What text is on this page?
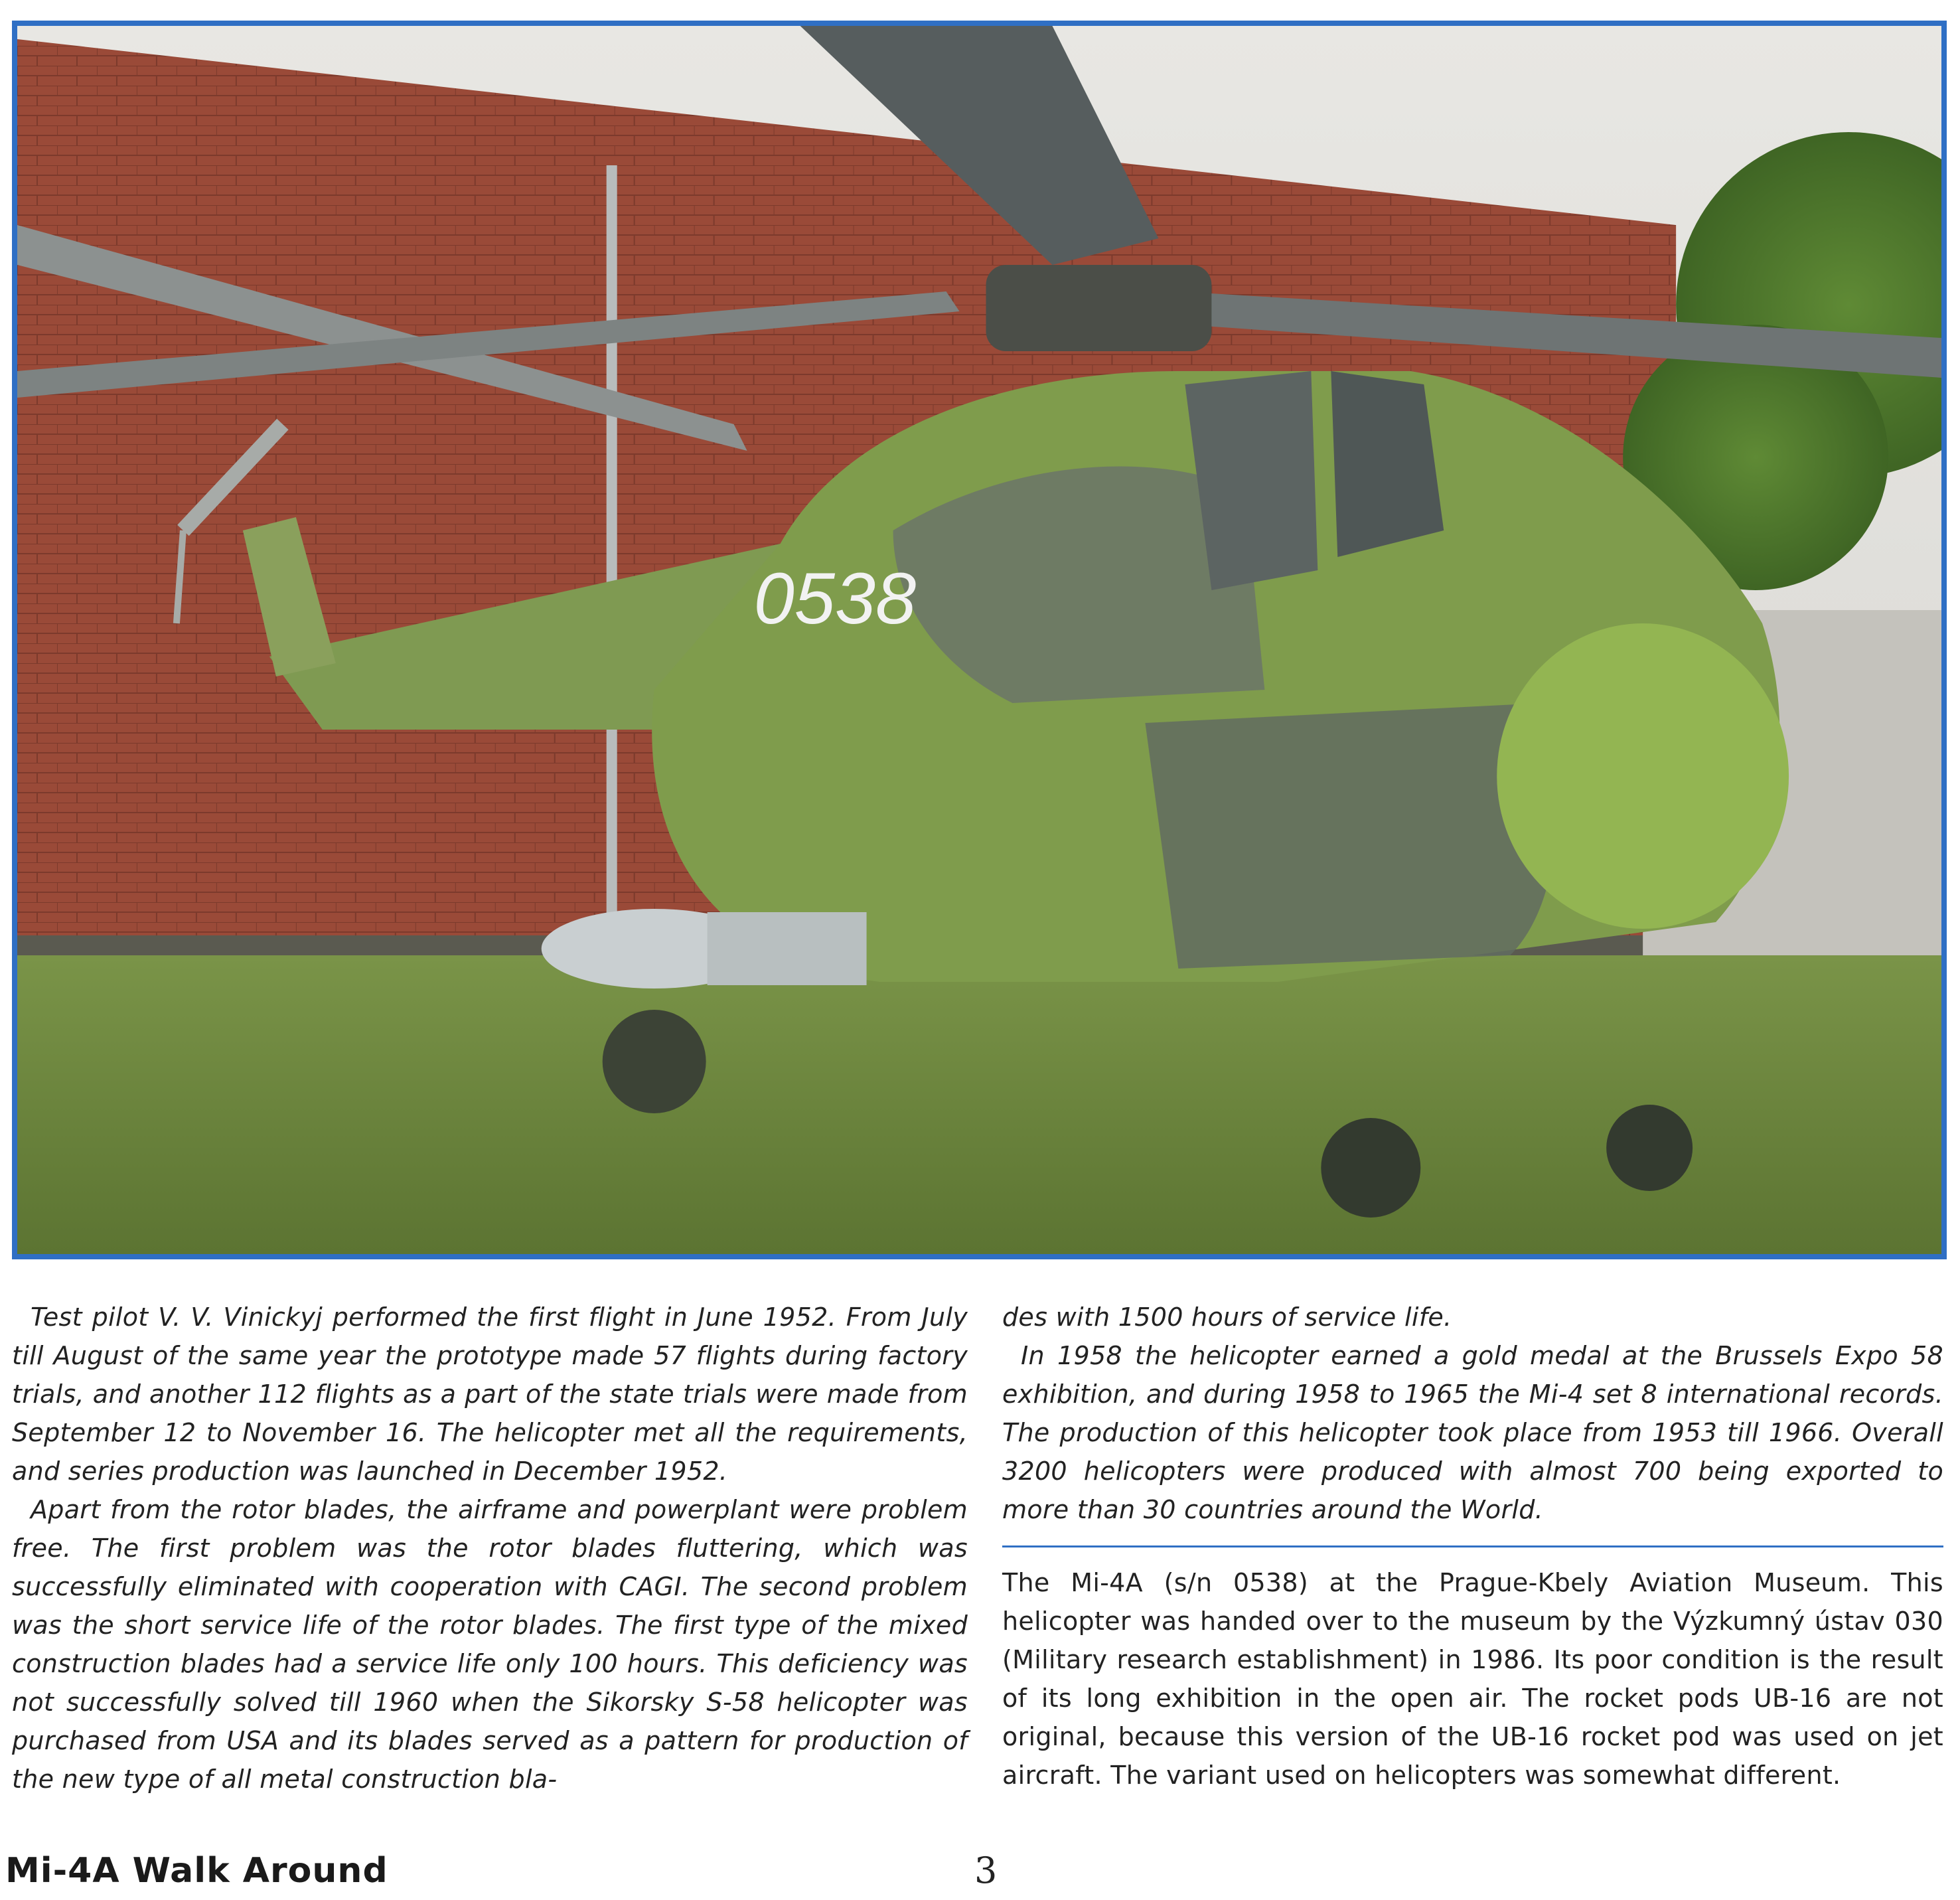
0538

Test pilot V. V. Vinickyj performed the first flight in June 1952. From July till August of the same year the prototype made 57 flights during factory trials, and another 112 flights as a part of the state trials were made from September 12 to November 16. The helicopter met all the requirements, and series production was launched in December 1952.

Apart from the rotor blades, the airframe and powerplant were problem free. The first problem was the rotor blades fluttering, which was successfully eliminated with cooperation with CAGI. The second problem was the short service life of the rotor blades. The first type of the mixed construction blades had a service life only 100 hours. This deficiency was not successfully solved till 1960 when the Sikorsky S-58 helicopter was purchased from USA and its blades served as a pattern for production of the new type of all metal construction bla-

des with 1500 hours of service life.

In 1958 the helicopter earned a gold medal at the Brussels Expo 58 exhibition, and during 1958 to 1965 the Mi-4 set 8 international records. The production of this helicopter took place from 1953 till 1966. Overall 3200 helicopters were produced with almost 700 being exported to more than 30 countries around the World.

The Mi-4A (s/n 0538) at the Prague-Kbely Aviation Museum. This helicopter was handed over to the museum by the Výzkumný ústav 030 (Military research establishment) in 1986. Its poor condition is the result of its long exhibition in the open air. The rocket pods UB-16 are not original, because this version of the UB-16 rocket pod was used on jet aircraft. The variant used on helicopters was somewhat different.

Mi-4A Walk Around	3
